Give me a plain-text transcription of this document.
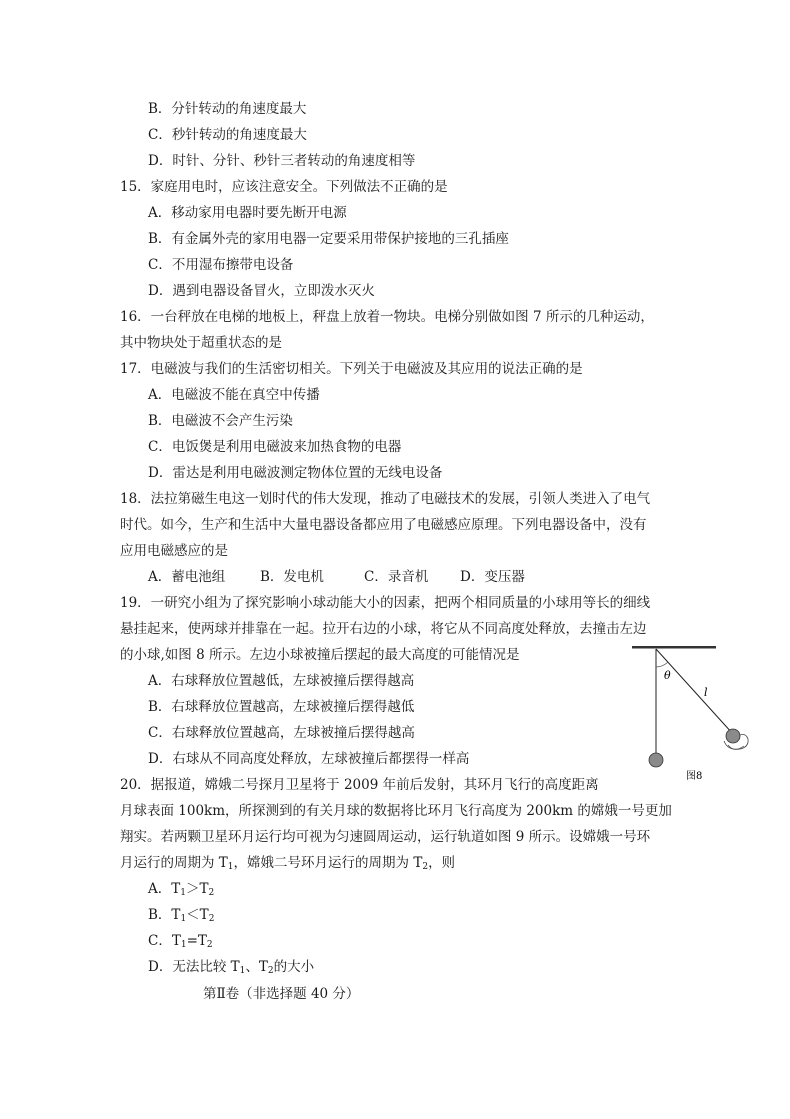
B．分针转动的角速度最大
C．秒针转动的角速度最大
D．时针、分针、秒针三者转动的角速度相等
15．家庭用电时，应该注意安全。下列做法不正确的是
A．移动家用电器时要先断开电源
B．有金属外壳的家用电器一定要采用带保护接地的三孔插座
C．不用湿布擦带电设备
D．遇到电器设备冒火，立即泼水灭火
16．一台秤放在电梯的地板上，秤盘上放着一物块。电梯分别做如图 7 所示的几种运动，
其中物块处于超重状态的是
17．电磁波与我们的生活密切相关。下列关于电磁波及其应用的说法正确的是
A．电磁波不能在真空中传播
B．电磁波不会产生污染
C．电饭煲是利用电磁波来加热食物的电器
D．雷达是利用电磁波测定物体位置的无线电设备
18．法拉第磁生电这一划时代的伟大发现，推动了电磁技术的发展，引领人类进入了电气
时代。如今，生产和生活中大量电器设备都应用了电磁感应原理。下列电器设备中，没有
应用电磁感应的是
A．蓄电池组	B．发电机	C．录音机 D．变压器
19．一研究小组为了探究影响小球动能大小的因素，把两个相同质量的小球用等长的细线
悬挂起来，使两球并排靠在一起。拉开右边的小球，将它从不同高度处释放，去撞击左边
的小球,如图 8 所示。左边小球被撞后摆起的最大高度的可能情况是
A．右球释放位置越低，左球被撞后摆得越高
B．右球释放位置越高，左球被撞后摆得越低
C．右球释放位置越高，左球被撞后摆得越高
D．右球从不同高度处释放，左球被撞后都摆得一样高
θ
l
图8
20．据报道，嫦娥二号探月卫星将于 2009 年前后发射，其环月飞行的高度距离
月球表面 100km，所探测到的有关月球的数据将比环月飞行高度为 200km 的嫦娥一号更加
翔实。若两颗卫星环月运行均可视为匀速圆周运动，运行轨道如图 9 所示。设嫦娥一号环
月运行的周期为 $T_1$，嫦娥二号环月运行的周期为 $T_2$，则
A．$T_1>T_2$
B．$T_1<T_2$
C．$T_1=T_2$
D．无法比较 $T_1$、$T_2$的大小
第Ⅱ卷（非选择题 40 分）
